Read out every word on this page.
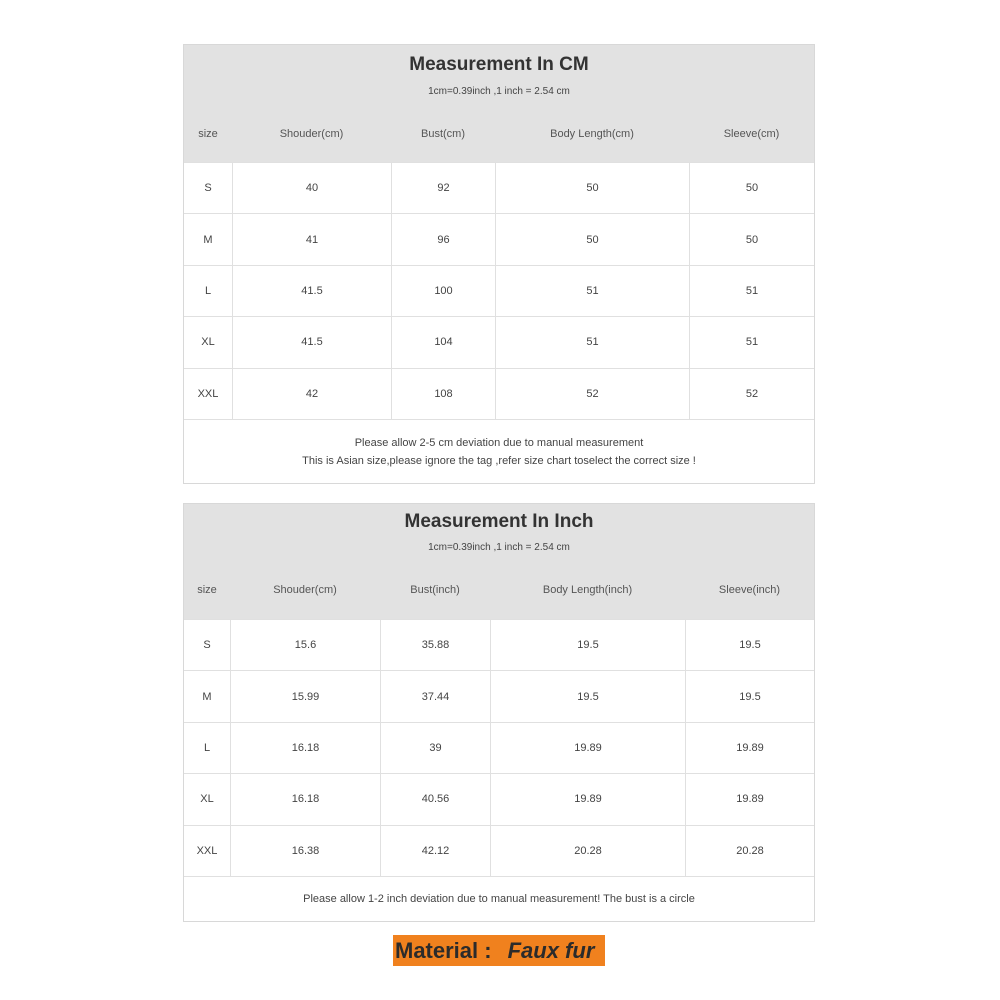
Measurement In CM
1cm=0.39inch ,1 inch = 2.54 cm
size	Shouder(cm)	Bust(cm)	Body Length(cm)	Sleeve(cm)
S	40	92	50	50
M	41	96	50	50
L	41.5	100	51	51
XL	41.5	104	51	51
XXL	42	108	52	52
Please allow 2-5 cm deviation due to manual measurement
This is Asian size,please ignore the tag ,refer size chart toselect the correct size !
Measurement In Inch
1cm=0.39inch ,1 inch = 2.54 cm
size	Shouder(cm)	Bust(inch)	Body Length(inch)	Sleeve(inch)
S	15.6	35.88	19.5	19.5
M	15.99	37.44	19.5	19.5
L	16.18	39	19.89	19.89
XL	16.18	40.56	19.89	19.89
XXL	16.38	42.12	20.28	20.28
Please allow 1-2 inch deviation due to manual measurement! The bust is a circle
Material : Faux fur
